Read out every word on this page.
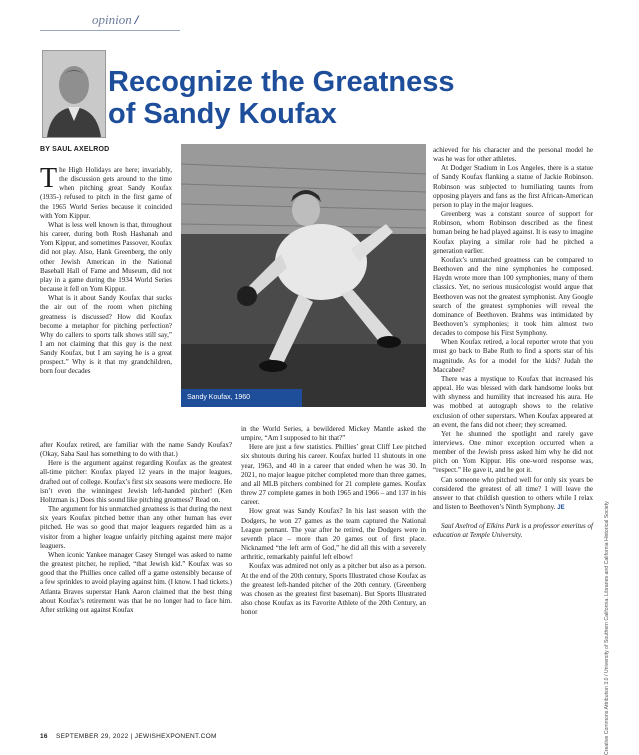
opinion /
Recognize the Greatness of Sandy Koufax
BY SAUL AXELROD

The High Holidays are here; invariably, the discussion gets around to the time when pitching great Sandy Koufax (1935-) refused to pitch in the first game of the 1965 World Series because it coincided with Yom Kippur.

What is less well known is that, throughout his career, during both Rosh Hashanah and Yom Kippur, and sometimes Passover, Koufax did not play. Also, Hank Greenberg, the only other Jewish American in the National Baseball Hall of Fame and Museum, did not play in a game during the 1934 World Series because it fell on Yom Kippur.

What is it about Sandy Koufax that sucks the air out of the room when pitching greatness is discussed? How did Koufax become a metaphor for pitching perfection? Why do callers to sports talk shows still say,” I am not claiming that this guy is the next Sandy Koufax, but I am saying he is a great prospect.” Why is it that my grandchildren, born four decades

Sandy Koufax, 1960

after Koufax retired, are familiar with the name Sandy Koufax? (Okay, Saba Saul has something to do with that.)

Here is the argument against regarding Koufax as the greatest all-time pitcher: Koufax played 12 years in the major leagues, drafted out of college. Koufax’s first six seasons were mediocre. He isn’t even the winningest Jewish left-handed pitcher! (Ken Holtzman is.) Does this sound like pitching greatness? Read on.

The argument for his unmatched greatness is that during the next six years Koufax pitched better than any other human has ever pitched. He was so good that major leaguers regarded him as a visitor from a higher league unfairly pitching against mere major leaguers.

When iconic Yankee manager Casey Stengel was asked to name the greatest pitcher, he replied, “that Jewish kid.” Koufax was so good that the Phillies once called off a game ostensibly because of a few sprinkles to avoid playing against him. (I know. I had tickets.) Atlanta Braves superstar Hank Aaron claimed that the best thing about Koufax’s retirement was that he no longer had to face him. After striking out against Koufax

in the World Series, a bewildered Mickey Mantle asked the umpire, “Am I supposed to hit that?”

Here are just a few statistics. Phillies’ great Cliff Lee pitched six shutouts during his career. Koufax hurled 11 shutouts in one year, 1963, and 40 in a career that ended when he was 30. In 2021, no major league pitcher completed more than three games, and all MLB pitchers combined for 21 complete games. Koufax threw 27 complete games in both 1965 and 1966 – and 137 in his career.

How great was Sandy Koufax? In his last season with the Dodgers, he won 27 games as the team captured the National League pennant. The year after he retired, the Dodgers were in seventh place – more than 20 games out of first place. Nicknamed “the left arm of God,” he did all this with a severely arthritic, remarkably painful left elbow!

Koufax was admired not only as a pitcher but also as a person. At the end of the 20th century, Sports Illustrated chose Koufax as the greatest left-handed pitcher of the 20th century. (Greenberg was chosen as the greatest first baseman). But Sports Illustrated also chose Koufax as its Favorite Athlete of the 20th Century, an honor

achieved for his character and the personal model he was he was for other athletes.

At Dodger Stadium in Los Angeles, there is a statue of Sandy Koufax flanking a statue of Jackie Robinson. Robinson was subjected to humiliating taunts from opposing players and fans as the first African-American person to play in the major leagues.

Greenberg was a constant source of support for Robinson, whom Robinson described as the finest human being he had played against. It is easy to imagine Koufax playing a similar role had he pitched a generation earlier.

Koufax’s unmatched greatness can be compared to Beethoven and the nine symphonies he composed. Haydn wrote more than 100 symphonies, many of them classics. Yet, no serious musicologist would argue that Beethoven was not the greatest symphonist. Any Google search of the greatest symphonies will reveal the dominance of Beethoven. Brahms was intimidated by Beethoven’s symphonies; it took him almost two decades to compose his First Symphony.

When Koufax retired, a local reporter wrote that you must go back to Babe Ruth to find a sports star of his magnitude. As for a model for the kids? Judah the Maccabee?

There was a mystique to Koufax that increased his appeal. He was blessed with dark handsome looks but with shyness and humility that increased his aura. He was mobbed at autograph shows to the relative exclusion of other superstars. When Koufax appeared at an event, the fans did not cheer; they screamed.

Yet he shunned the spotlight and rarely gave interviews. One minor exception occurred when a member of the Jewish press asked him why he did not pitch on Yom Kippur. His one-word response was, “respect.” He gave it, and he got it.

Can someone who pitched well for only six years be considered the greatest of all time? I will leave the answer to that childish question to others while I relax and listen to Beethoven’s Ninth Symphony. JE

Saul Axelrod of Elkins Park is a professor emeritus of education at Temple University.

16 SEPTEMBER 29, 2022 | JEWISHEXPONENT.COM	Creative Commons Attribution 3.0 / University of Southern California. Libraries and California Historical Society
